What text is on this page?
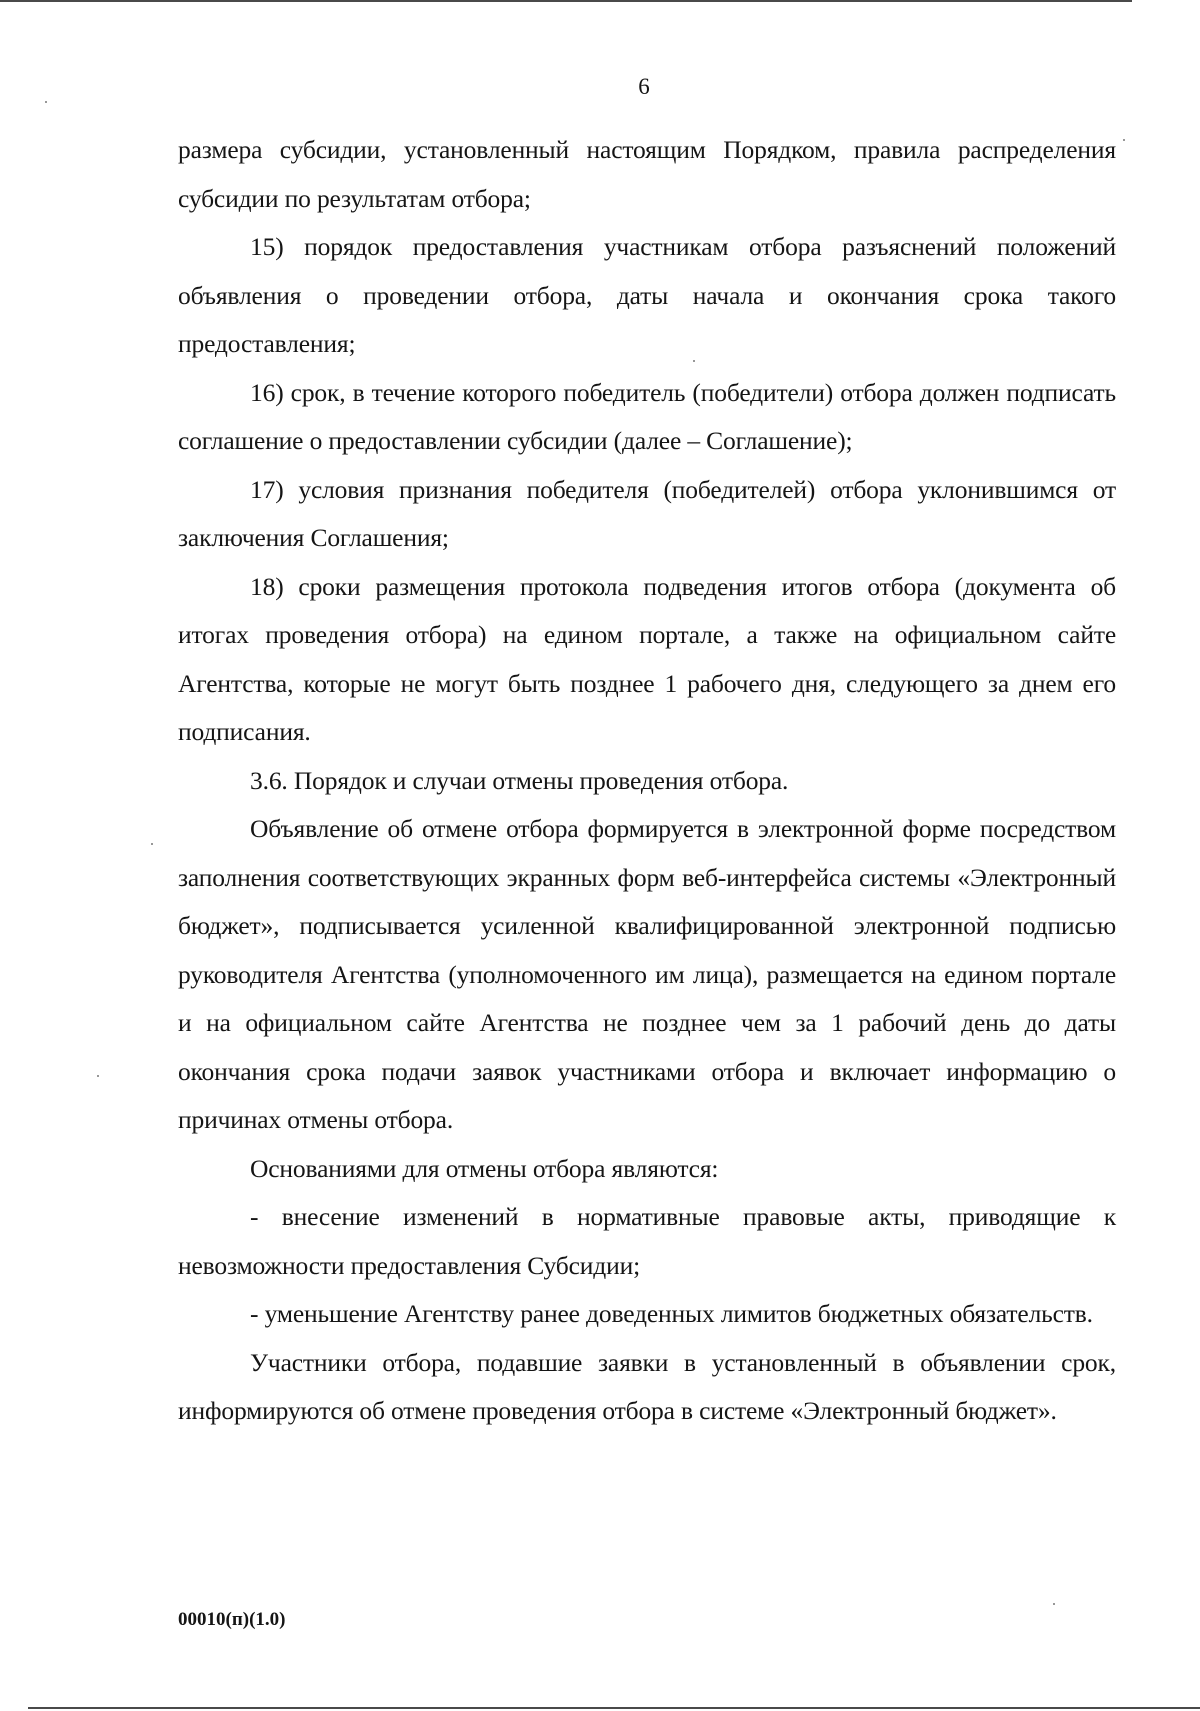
6

размера субсидии, установленный настоящим Порядком, правила распределения субсидии по результатам отбора;

15) порядок предоставления участникам отбора разъяснений положений объявления о проведении отбора, даты начала и окончания срока такого предоставления;

16) срок, в течение которого победитель (победители) отбора должен подписать соглашение о предоставлении субсидии (далее – Соглашение);

17) условия признания победителя (победителей) отбора уклонившимся от заключения Соглашения;

18) сроки размещения протокола подведения итогов отбора (документа об итогах проведения отбора) на едином портале, а также на официальном сайте Агентства, которые не могут быть позднее 1 рабочего дня, следующего за днем его подписания.

3.6. Порядок и случаи отмены проведения отбора.

Объявление об отмене отбора формируется в электронной форме посредством заполнения соответствующих экранных форм веб-интерфейса системы «Электронный бюджет», подписывается усиленной квалифицированной электронной подписью руководителя Агентства (уполномоченного им лица), размещается на едином портале и на официальном сайте Агентства не позднее чем за 1 рабочий день до даты окончания срока подачи заявок участниками отбора и включает информацию о причинах отмены отбора.

Основаниями для отмены отбора являются:

- внесение изменений в нормативные правовые акты, приводящие к невозможности предоставления Субсидии;

- уменьшение Агентству ранее доведенных лимитов бюджетных обязательств.

Участники отбора, подавшие заявки в установленный в объявлении срок, информируются об отмене проведения отбора в системе «Электронный бюджет».

00010(п)(1.0)
